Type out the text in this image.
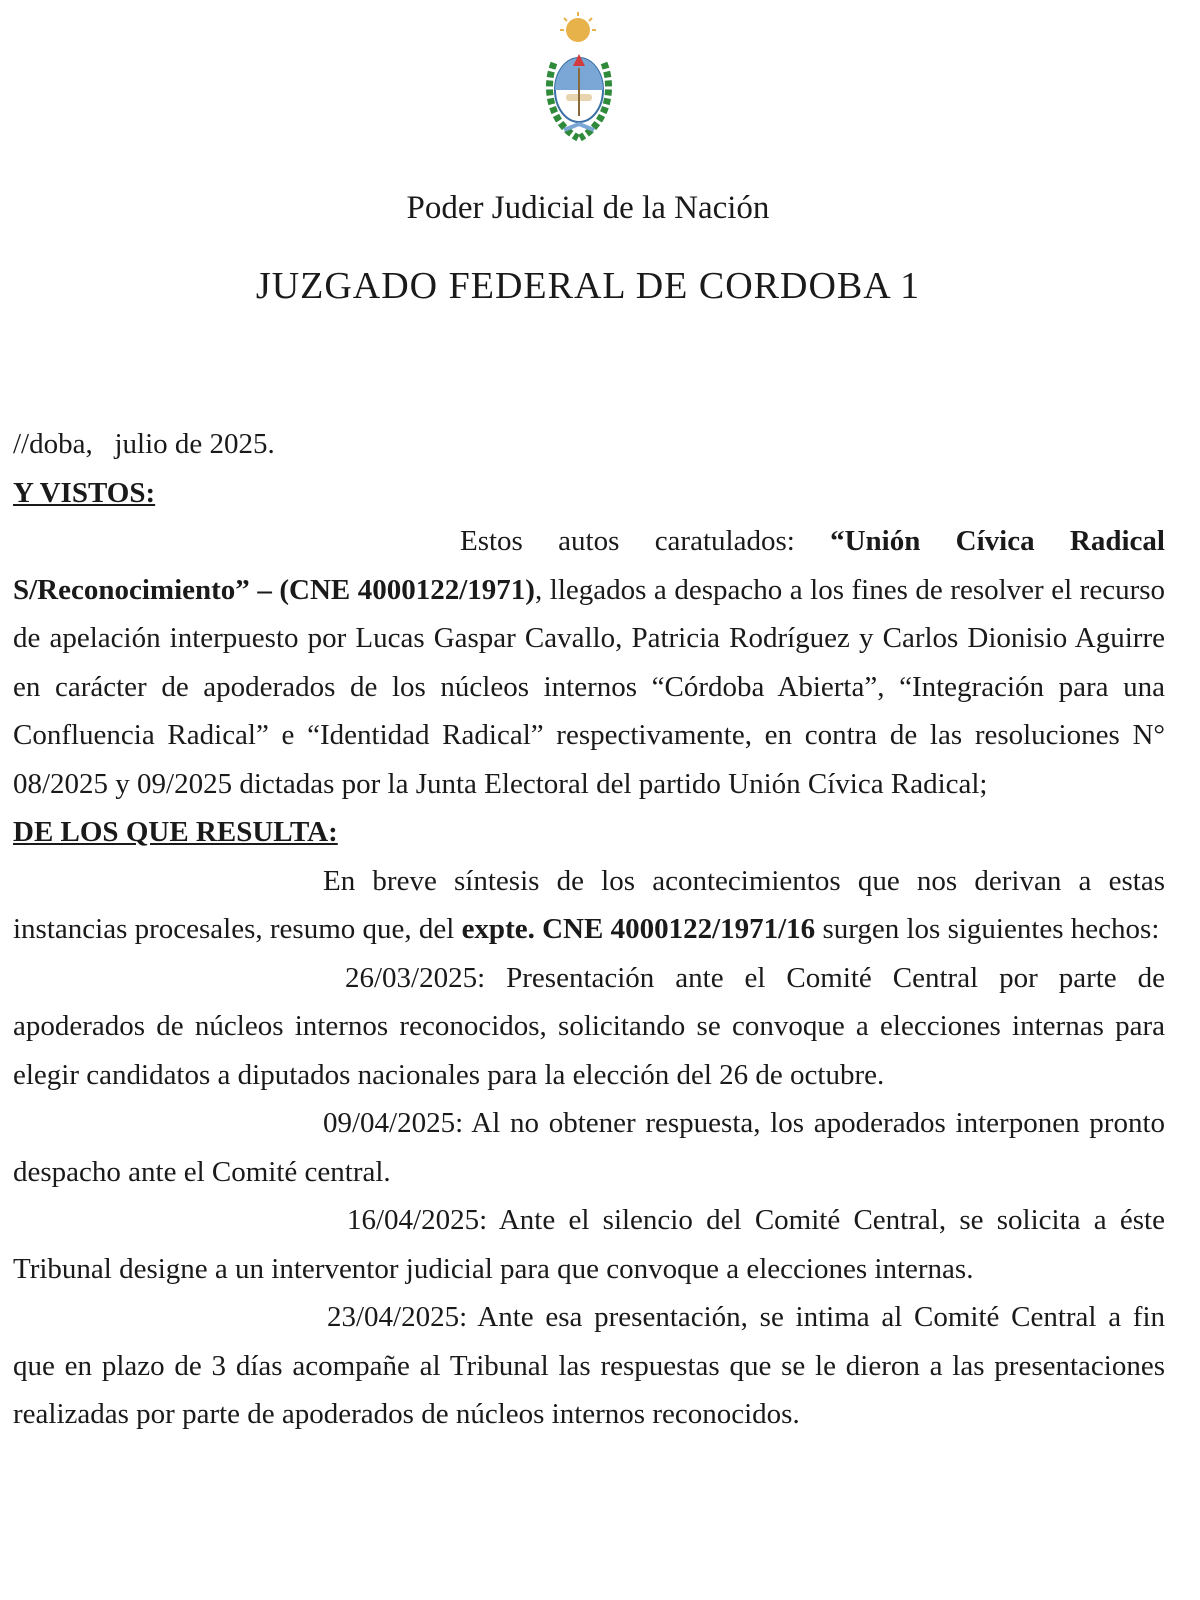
Poder Judicial de la Nación
JUZGADO FEDERAL DE CORDOBA 1

//doba,   julio de 2025.

Y VISTOS:

Estos autos caratulados: “Unión Cívica Radical S/Reconocimiento” – (CNE 4000122/1971), llegados a despacho a los fines de resolver el recurso de apelación interpuesto por Lucas Gaspar Cavallo, Patricia Rodríguez y Carlos Dionisio Aguirre en carácter de apoderados de los núcleos internos “Córdoba Abierta”, “Integración para una Confluencia Radical” e “Identidad Radical” respectivamente, en contra de las resoluciones N° 08/2025 y 09/2025 dictadas por la Junta Electoral del partido Unión Cívica Radical;

DE LOS QUE RESULTA:

En breve síntesis de los acontecimientos que nos derivan a estas instancias procesales, resumo que, del expte. CNE 4000122/1971/16 surgen los siguientes hechos:

26/03/2025: Presentación ante el Comité Central por parte de apoderados de núcleos internos reconocidos, solicitando se convoque a elecciones internas para elegir candidatos a diputados nacionales para la elección del 26 de octubre.

09/04/2025: Al no obtener respuesta, los apoderados interponen pronto despacho ante el Comité central.

16/04/2025: Ante el silencio del Comité Central, se solicita a éste Tribunal designe a un interventor judicial para que convoque a elecciones internas.

23/04/2025: Ante esa presentación, se intima al Comité Central a fin que en plazo de 3 días acompañe al Tribunal las respuestas que se le dieron a las presentaciones realizadas por parte de apoderados de núcleos internos reconocidos.
